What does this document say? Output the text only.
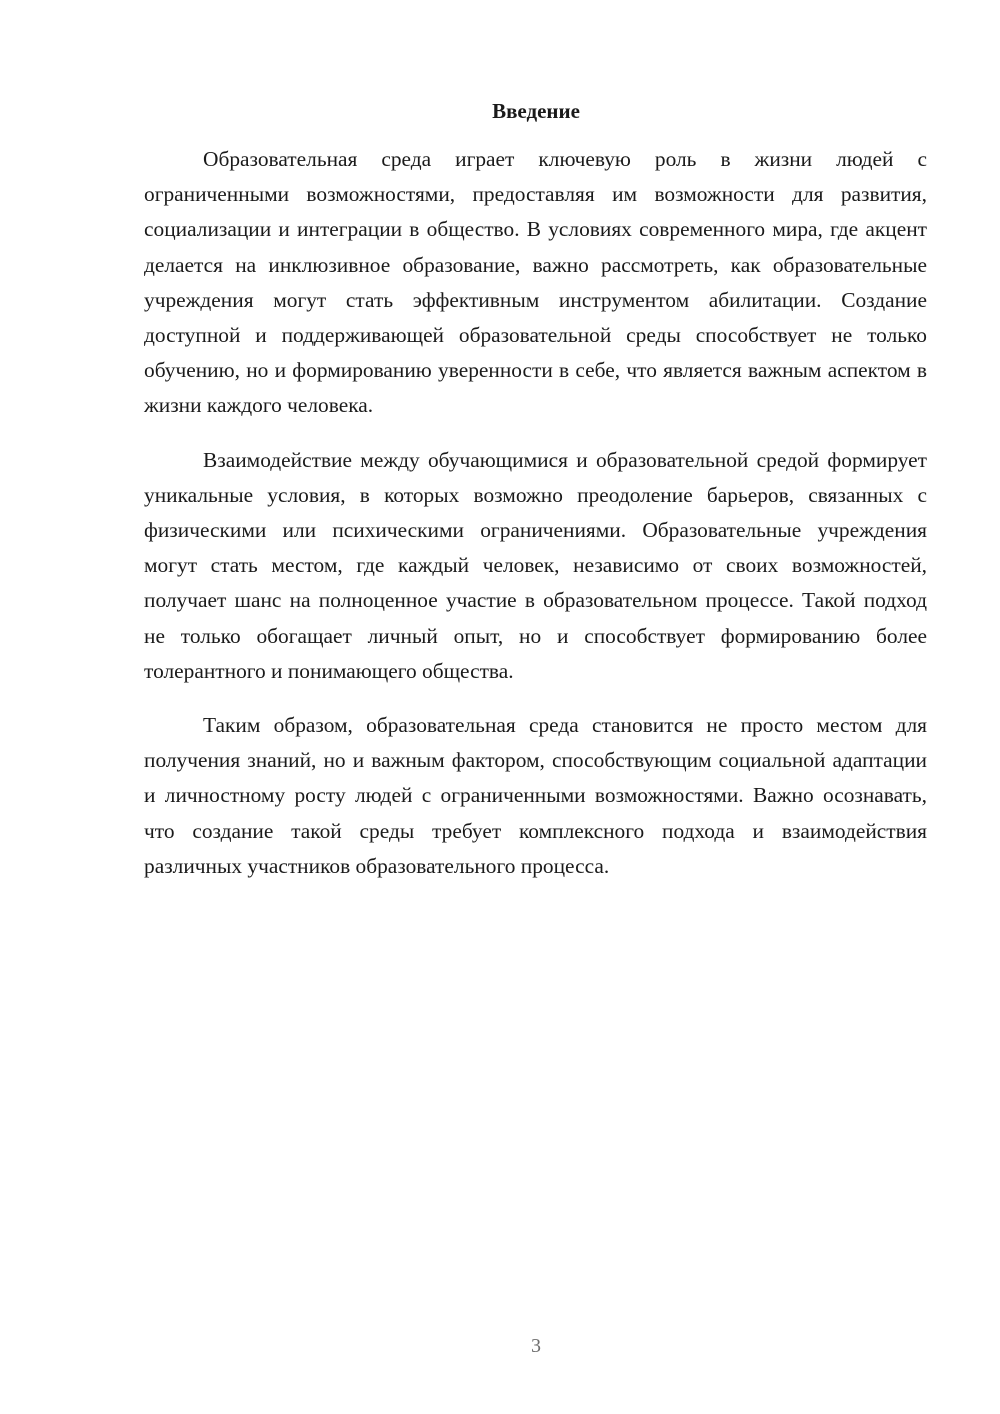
Введение

Образовательная среда играет ключевую роль в жизни людей с ограниченными возможностями, предоставляя им возможности для развития, социализации и интеграции в общество. В условиях современного мира, где акцент делается на инклюзивное образование, важно рассмотреть, как образовательные учреждения могут стать эффективным инструментом абилитации. Создание доступной и поддерживающей образовательной среды способствует не только обучению, но и формированию уверенности в себе, что является важным аспектом в жизни каждого человека.

Взаимодействие между обучающимися и образовательной средой формирует уникальные условия, в которых возможно преодоление барьеров, связанных с физическими или психическими ограничениями. Образовательные учреждения могут стать местом, где каждый человек, независимо от своих возможностей, получает шанс на полноценное участие в образовательном процессе. Такой подход не только обогащает личный опыт, но и способствует формированию более толерантного и понимающего общества.

Таким образом, образовательная среда становится не просто местом для получения знаний, но и важным фактором, способствующим социальной адаптации и личностному росту людей с ограниченными возможностями. Важно осознавать, что создание такой среды требует комплексного подхода и взаимодействия различных участников образовательного процесса.

3
